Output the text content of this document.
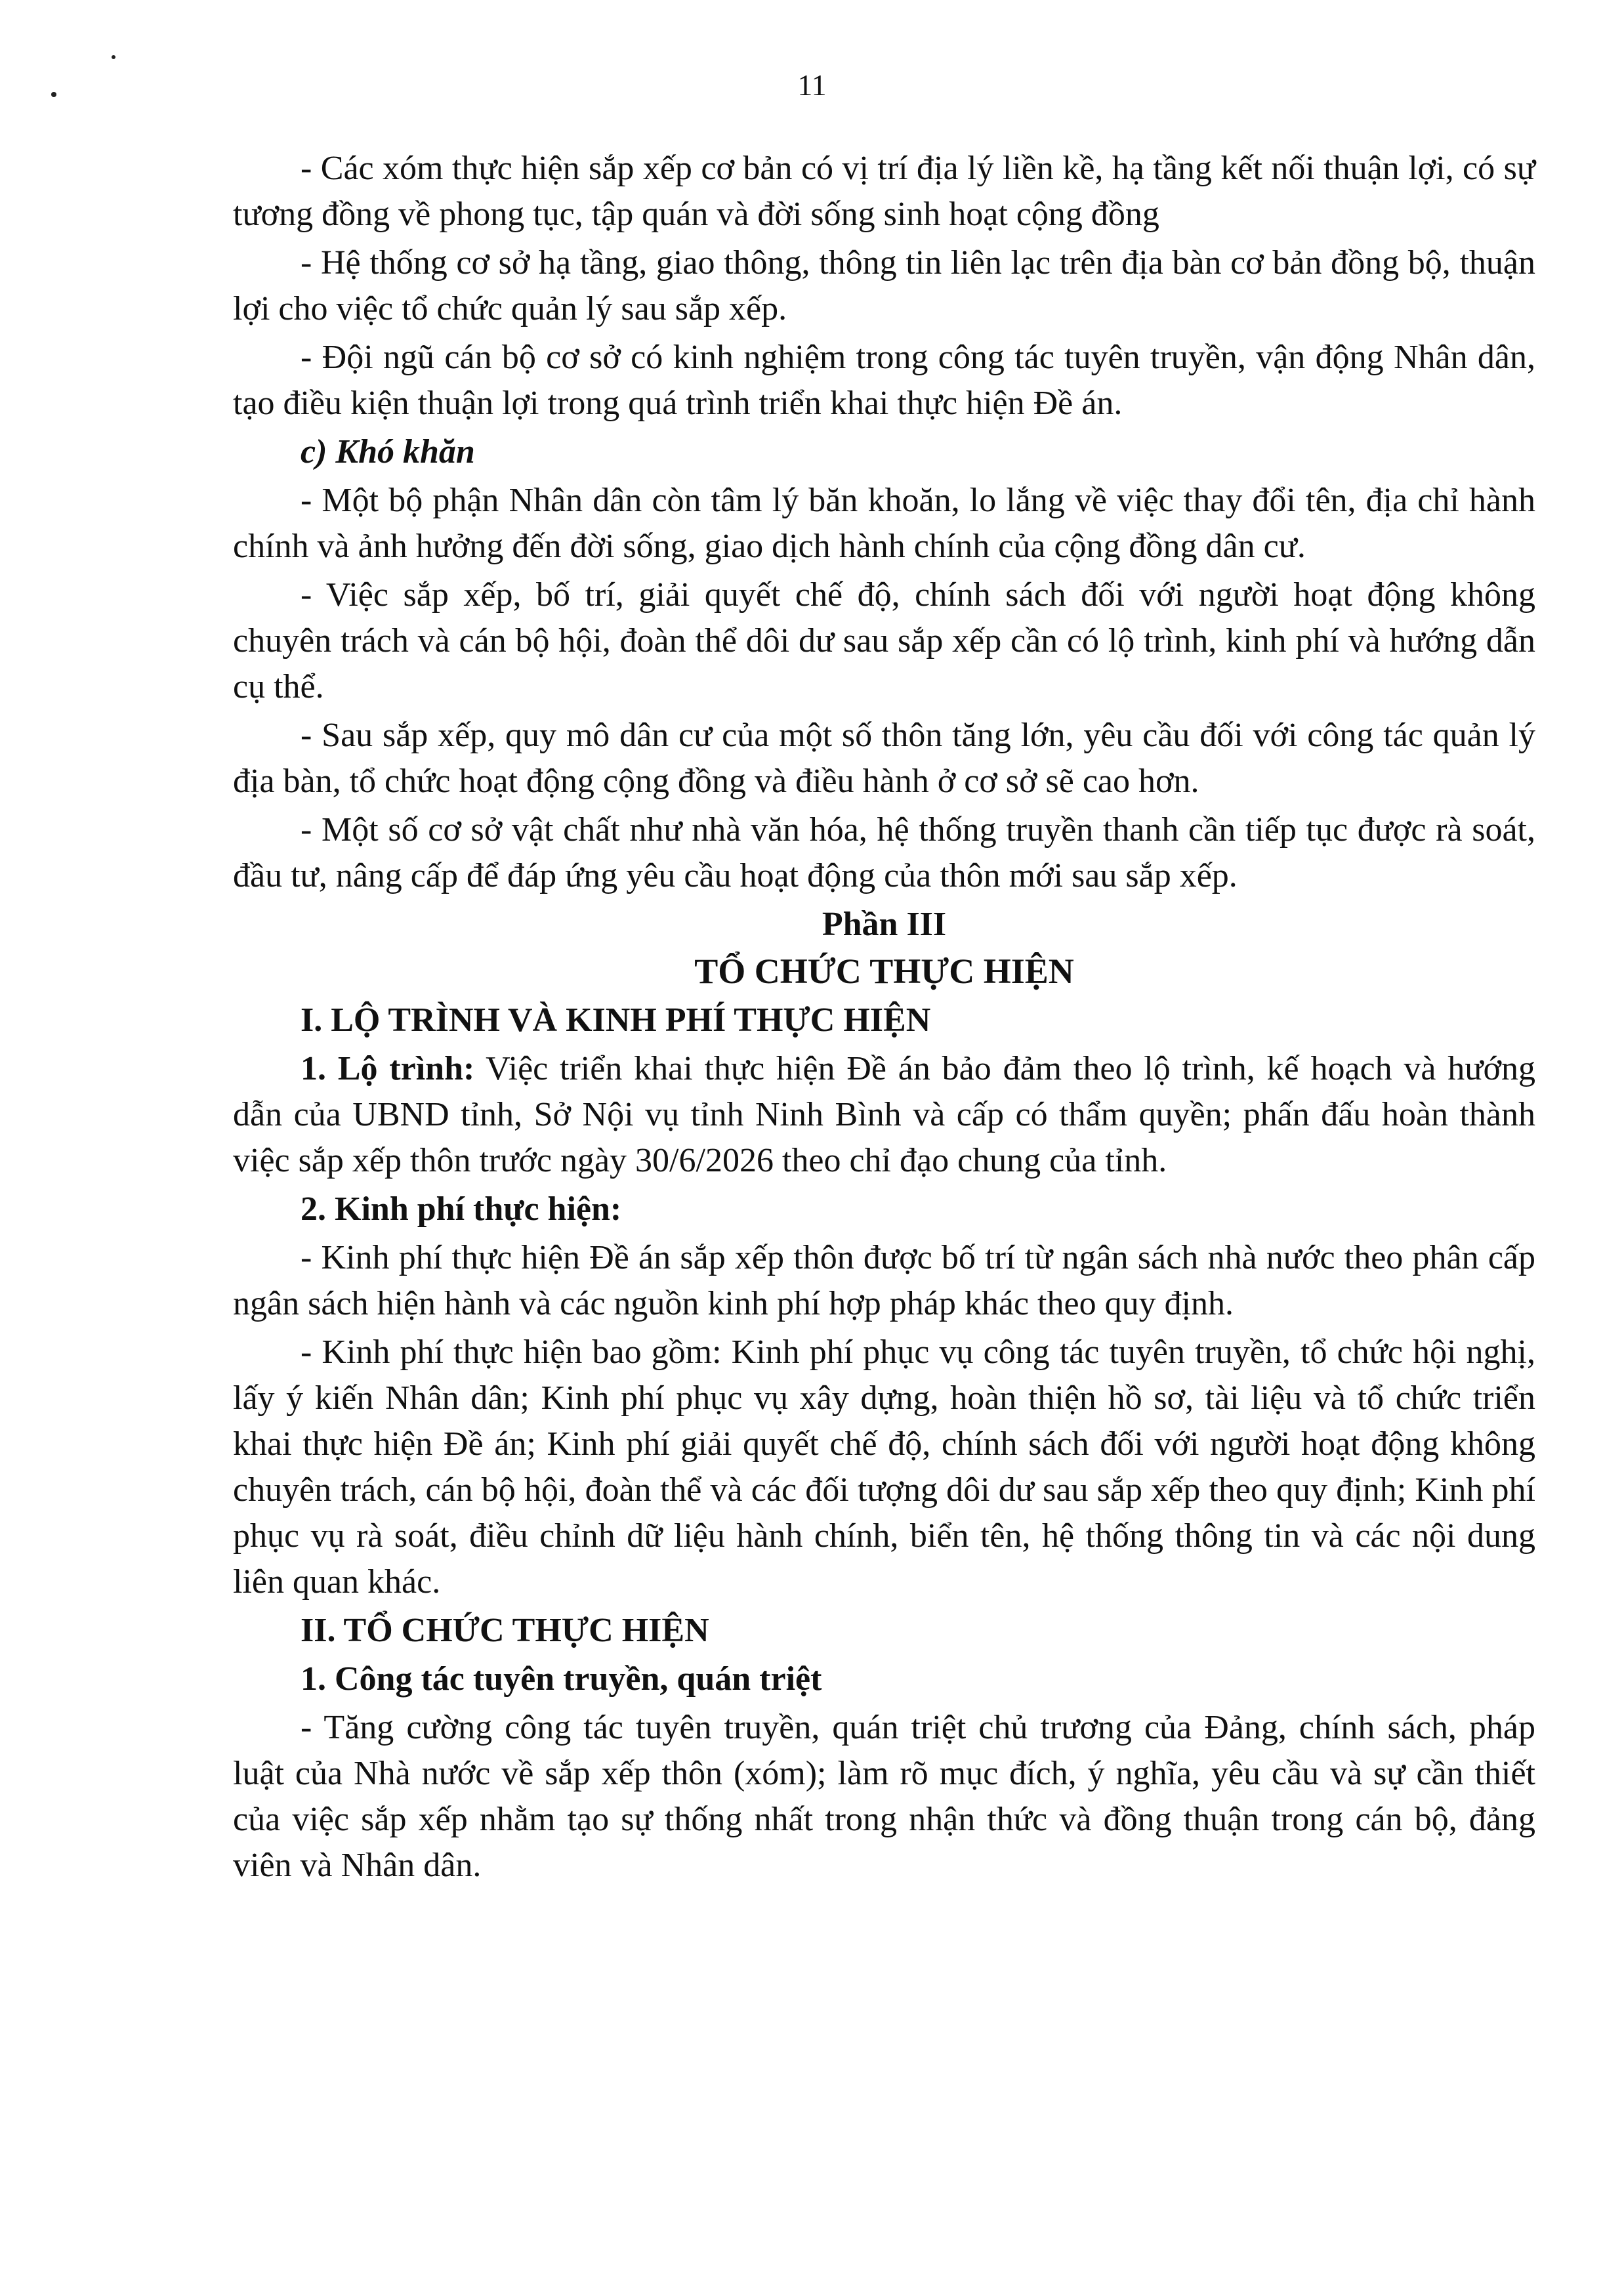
11

- Các xóm thực hiện sắp xếp cơ bản có vị trí địa lý liền kề, hạ tầng kết nối thuận lợi, có sự tương đồng về phong tục, tập quán và đời sống sinh hoạt cộng đồng

- Hệ thống cơ sở hạ tầng, giao thông, thông tin liên lạc trên địa bàn cơ bản đồng bộ, thuận lợi cho việc tổ chức quản lý sau sắp xếp.

- Đội ngũ cán bộ cơ sở có kinh nghiệm trong công tác tuyên truyền, vận động Nhân dân, tạo điều kiện thuận lợi trong quá trình triển khai thực hiện Đề án.

c) Khó khăn

- Một bộ phận Nhân dân còn tâm lý băn khoăn, lo lắng về việc thay đổi tên, địa chỉ hành chính và ảnh hưởng đến đời sống, giao dịch hành chính của cộng đồng dân cư.

- Việc sắp xếp, bố trí, giải quyết chế độ, chính sách đối với người hoạt động không chuyên trách và cán bộ hội, đoàn thể dôi dư sau sắp xếp cần có lộ trình, kinh phí và hướng dẫn cụ thể.

- Sau sắp xếp, quy mô dân cư của một số thôn tăng lớn, yêu cầu đối với công tác quản lý địa bàn, tổ chức hoạt động cộng đồng và điều hành ở cơ sở sẽ cao hơn.

- Một số cơ sở vật chất như nhà văn hóa, hệ thống truyền thanh cần tiếp tục được rà soát, đầu tư, nâng cấp để đáp ứng yêu cầu hoạt động của thôn mới sau sắp xếp.

Phần III

TỔ CHỨC THỰC HIỆN

I. LỘ TRÌNH VÀ KINH PHÍ THỰC HIỆN

1. Lộ trình: Việc triển khai thực hiện Đề án bảo đảm theo lộ trình, kế hoạch và hướng dẫn của UBND tỉnh, Sở Nội vụ tỉnh Ninh Bình và cấp có thẩm quyền; phấn đấu hoàn thành việc sắp xếp thôn trước ngày 30/6/2026 theo chỉ đạo chung của tỉnh.

2. Kinh phí thực hiện:

- Kinh phí thực hiện Đề án sắp xếp thôn được bố trí từ ngân sách nhà nước theo phân cấp ngân sách hiện hành và các nguồn kinh phí hợp pháp khác theo quy định.

- Kinh phí thực hiện bao gồm: Kinh phí phục vụ công tác tuyên truyền, tổ chức hội nghị, lấy ý kiến Nhân dân; Kinh phí phục vụ xây dựng, hoàn thiện hồ sơ, tài liệu và tổ chức triển khai thực hiện Đề án; Kinh phí giải quyết chế độ, chính sách đối với người hoạt động không chuyên trách, cán bộ hội, đoàn thể và các đối tượng dôi dư sau sắp xếp theo quy định; Kinh phí phục vụ rà soát, điều chỉnh dữ liệu hành chính, biển tên, hệ thống thông tin và các nội dung liên quan khác.

II. TỔ CHỨC THỰC HIỆN

1. Công tác tuyên truyền, quán triệt

- Tăng cường công tác tuyên truyền, quán triệt chủ trương của Đảng, chính sách, pháp luật của Nhà nước về sắp xếp thôn (xóm); làm rõ mục đích, ý nghĩa, yêu cầu và sự cần thiết của việc sắp xếp nhằm tạo sự thống nhất trong nhận thức và đồng thuận trong cán bộ, đảng viên và Nhân dân.
